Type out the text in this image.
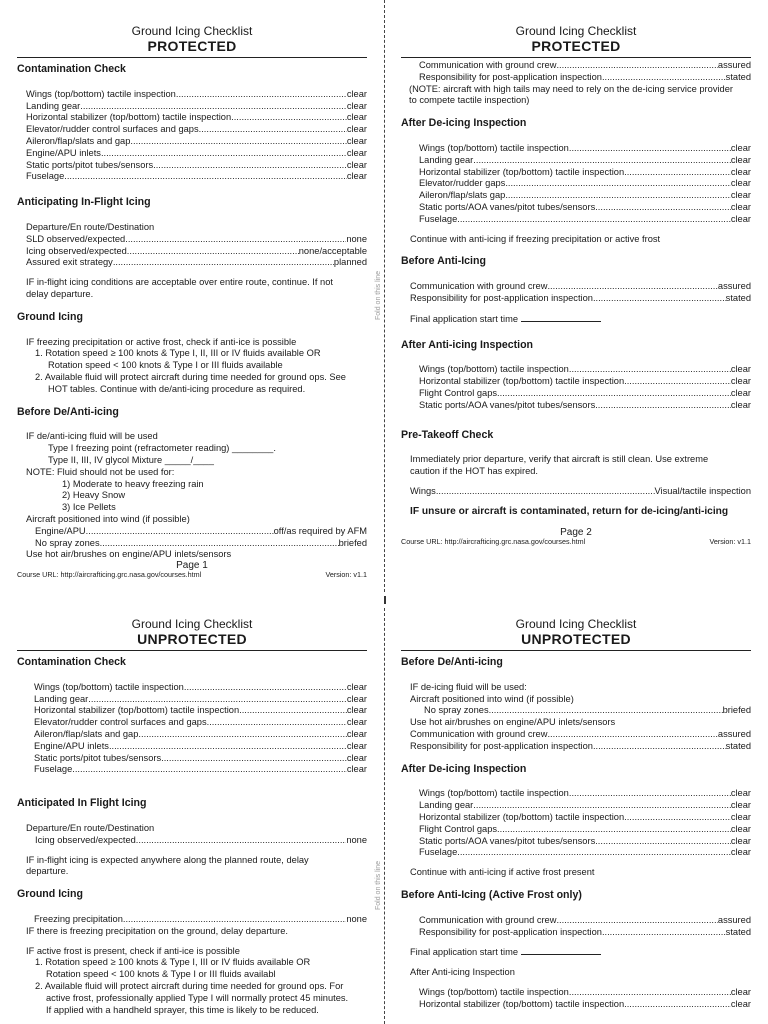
Fold on this line
Fold on this line
Ground Icing Checklist
PROTECTED
Contamination Check
Wings (top/bottom) tactile inspection .....	clear
Landing gear .....	clear
Horizontal stabilizer (top/bottom) tactile inspection .....	clear
Elevator/rudder control surfaces and gaps .....	clear
Aileron/flap/slats and gap .....	clear
Engine/APU inlets .....	clear
Static ports/pitot tubes/sensors .....	clear
Fuselage .....	clear
Anticipating In-Flight Icing
Departure/En route/Destination
SLD observed/expected .....	none
Icing observed/expected .....	none/acceptable
Assured exit strategy .....	planned
IF in-flight icing conditions are acceptable over entire route, continue. If not
delay departure.
Ground Icing
IF freezing precipitation or active frost, check if anti-ice is possible
1. Rotation speed ≥ 100 knots & Type I, II, III or IV fluids available OR
Rotation speed < 100 knots & Type I or III fluids available
2. Available fluid will protect aircraft during time needed for ground ops. See
HOT tables. Continue with de/anti-icing procedure as required.
Before De/Anti-icing
IF de/anti-icing fluid will be used
Type I freezing point (refractometer reading) ________.
Type II, III, IV glycol Mixture _____/____
NOTE: Fluid should not be used for:
1) Moderate to heavy freezing rain
2) Heavy Snow
3) Ice Pellets
Aircraft positioned into wind (if possible)
Engine/APU .....	off/as required by AFM
No spray zones .....	briefed
Use hot air/brushes on engine/APU inlets/sensors
Page 1
Course URL: http://aircrafticing.grc.nasa.gov/courses.html	Version: v1.1
Ground Icing Checklist
PROTECTED
Communication with ground crew .....	assured
Responsibility for post-application inspection .....	stated
(NOTE: aircraft with high tails may need to rely on the de-icing service provider
to compete tactile inspection)
After De-icing Inspection
Wings (top/bottom) tactile inspection .....	clear
Landing gear .....	clear
Horizontal stabilizer (top/bottom) tactile inspection .....	clear
Elevator/rudder gaps .....	clear
Aileron/flap/slats gap .....	clear
Static ports/AOA vanes/pitot tubes/sensors .....	clear
Fuselage .....	clear
Continue with anti-icing if freezing precipitation or active frost
Before Anti-Icing
Communication with ground crew .....	assured
Responsibility for post-application inspection .....	stated
Final application start time
After Anti-icing Inspection
Wings (top/bottom) tactile inspection .....	clear
Horizontal stabilizer (top/bottom) tactile inspection .....	clear
Flight Control gaps .....	clear
Static ports/AOA vanes/pitot tubes/sensors .....	clear
Pre-Takeoff Check
Immediately prior departure, verify that aircraft is still clean. Use extreme
caution if the HOT has expired.
Wings .....	Visual/tactile inspection
IF unsure or aircraft is contaminated, return for de-icing/anti-icing
Page 2
Course URL: http://aircrafticing.grc.nasa.gov/courses.html	Version: v1.1
Ground Icing Checklist
UNPROTECTED
Contamination Check
Wings (top/bottom) tactile inspection .....	clear
Landing gear .....	clear
Horizontal stabilizer (top/bottom) tactile inspection .....	clear
Elevator/rudder control surfaces and gaps .....	clear
Aileron/flap/slats and gap .....	clear
Engine/APU inlets .....	clear
Static ports/pitot tubes/sensors .....	clear
Fuselage .....	clear
Anticipated In Flight Icing
Departure/En route/Destination
Icing observed/expected .....	none
IF in-flight icing is expected anywhere along the planned route, delay
departure.
Ground Icing
Freezing precipitation .....	none
IF there is freezing precipitation on the ground, delay departure.
IF active frost is present, check if anti-ice is possible
1. Rotation speed ≥ 100 knots & Type I, III or IV fluids available OR
Rotation speed < 100 knots & Type I or III fluids availabl
2. Available fluid will protect aircraft during time needed for ground ops. For
active frost, professionally applied Type I will normally protect 45 minutes.
If applied with a handheld sprayer, this time is likely to be reduced.
Ground Icing Checklist
UNPROTECTED
Before De/Anti-icing
IF de-icing fluid will be used:
Aircraft positioned into wind (if possible)
No spray zones .....	briefed
Use hot air/brushes on engine/APU inlets/sensors
Communication with ground crew .....	assured
Responsibility for post-application inspection .....	stated
After De-icing Inspection
Wings (top/bottom) tactile inspection .....	clear
Landing gear .....	clear
Horizontal stabilizer (top/bottom) tactile inspection .....	clear
Flight Control gaps .....	clear
Static ports/AOA vanes/pitot tubes/sensors .....	clear
Fuselage .....	clear
Continue with anti-icing if active frost present
Before Anti-Icing (Active Frost only)
Communication with ground crew .....	assured
Responsibility for post-application inspection .....	stated
Final application start time
After Anti-icing Inspection
Wings (top/bottom) tactile inspection .....	clear
Horizontal stabilizer (top/bottom) tactile inspection .....	clear
